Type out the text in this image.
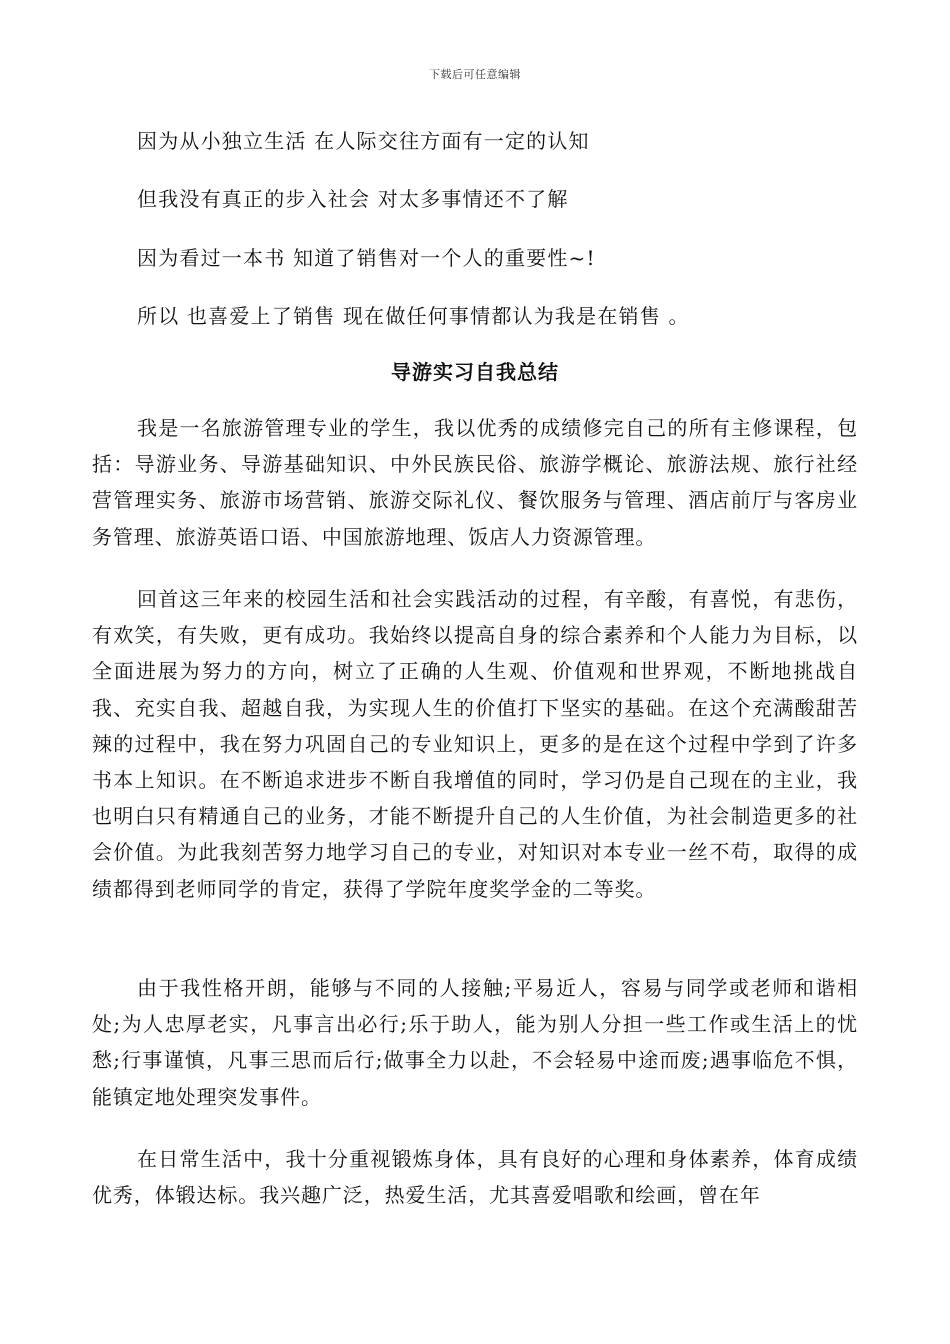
下载后可任意编辑
因为从小独立生活 在人际交往方面有一定的认知
但我没有真正的步入社会 对太多事情还不了解
因为看过一本书 知道了销售对一个人的重要性~!
所以 也喜爱上了销售 现在做任何事情都认为我是在销售 。
导游实习自我总结

我是一名旅游管理专业的学生，我以优秀的成绩修完自己的所有主修课程，包括：导游业务、导游基础知识、中外民族民俗、旅游学概论、旅游法规、旅行社经营管理实务、旅游市场营销、旅游交际礼仪、餐饮服务与管理、酒店前厅与客房业务管理、旅游英语口语、中国旅游地理、饭店人力资源管理。

回首这三年来的校园生活和社会实践活动的过程，有辛酸，有喜悦，有悲伤，有欢笑，有失败，更有成功。我始终以提高自身的综合素养和个人能力为目标，以全面进展为努力的方向，树立了正确的人生观、价值观和世界观，不断地挑战自我、充实自我、超越自我，为实现人生的价值打下坚实的基础。在这个充满酸甜苦辣的过程中，我在努力巩固自己的专业知识上，更多的是在这个过程中学到了许多书本上知识。在不断追求进步不断自我增值的同时，学习仍是自己现在的主业，我也明白只有精通自己的业务，才能不断提升自己的人生价值，为社会制造更多的社会价值。为此我刻苦努力地学习自己的专业，对知识对本专业一丝不苟，取得的成绩都得到老师同学的肯定，获得了学院年度奖学金的二等奖。

由于我性格开朗，能够与不同的人接触;平易近人，容易与同学或老师和谐相处;为人忠厚老实，凡事言出必行;乐于助人，能为别人分担一些工作或生活上的忧愁;行事谨慎，凡事三思而后行;做事全力以赴，不会轻易中途而废;遇事临危不惧，能镇定地处理突发事件。

在日常生活中，我十分重视锻炼身体，具有良好的心理和身体素养，体育成绩优秀，体锻达标。我兴趣广泛，热爱生活，尤其喜爱唱歌和绘画，曾在年
